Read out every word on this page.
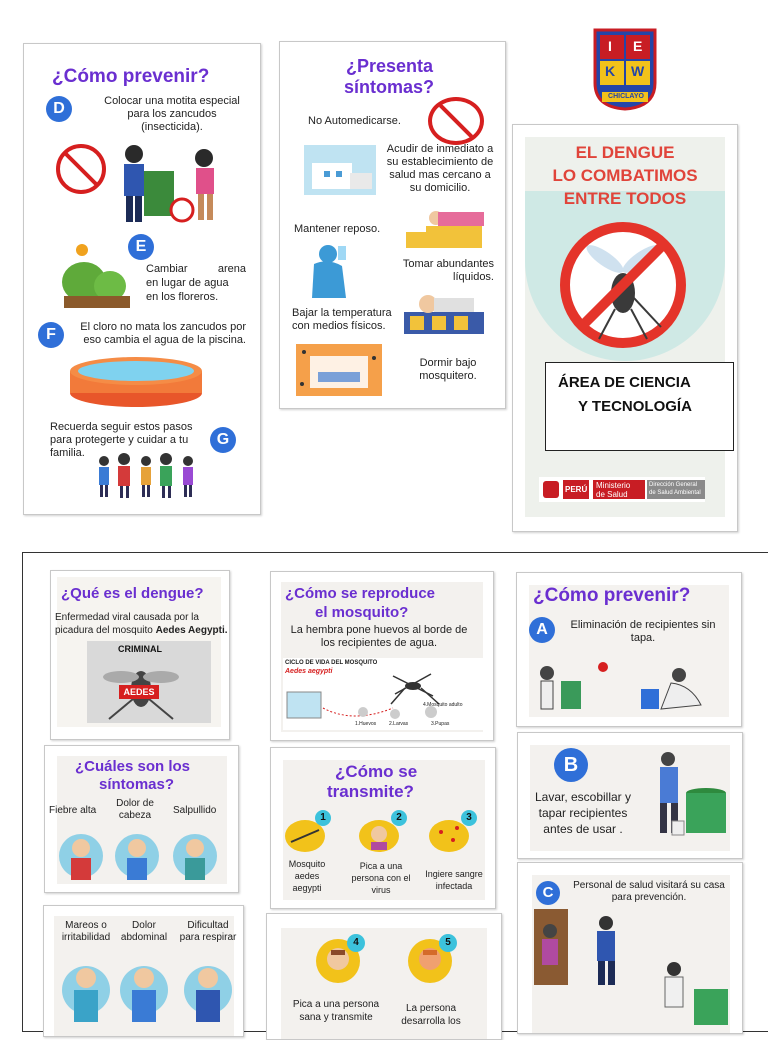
¿Cómo prevenir?
D	Colocar una motita especial para los zancudos (insecticida).
E
Cambiar arena
en lugar de agua
en los floreros.
F	El cloro no mata los zancudos por eso cambia el agua de la piscina.
Recuerda seguir estos pasos para protegerte y cuidar a tu familia.
G
¿Presenta
síntomas?
No Automedicarse.
Acudir de inmediato a su establecimiento de salud mas cercano a su domicilio.
Mantener reposo.
Tomar abundantes líquidos.
Bajar la temperatura con medios físicos.
Dormir bajo mosquitero.
I E
K W
CHICLAYO
EL DENGUE
LO COMBATIMOS
ENTRE TODOS
ÁREA DE CIENCIA
Y TECNOLOGÍA
PERÚ Ministerio
de Salud
Dirección General
de Salud Ambiental
¿Qué es el dengue?
Enfermedad viral causada por la
picadura del mosquito Aedes Aegypti.
CRIMINAL
AEDES
¿Cómo se reproduce
el mosquito?
La hembra pone huevos al borde de los recipientes de agua.
CICLO DE VIDA DEL MOSQUITO
Aedes aegypti
1.Huevos	2.Larvas	3.Pupas
4.Mosquito adulto
¿Cómo prevenir?
A	Eliminación de recipientes sin tapa.
¿Cuáles son los
síntomas?
Fiebre alta
Dolor de cabeza	Salpullido
¿Cómo se
transmite?
1	2	3
Mosquito aedes aegypti
Pica a una persona con el virus
Ingiere sangre infectada
B
Lavar, escobillar y tapar recipientes antes de usar .
Mareos o irritabilidad
Dolor abdominal
Dificultad para respirar	4	5
Pica a una persona sana y transmite
La persona desarrolla los
C	Personal de salud visitará su casa para prevención.
